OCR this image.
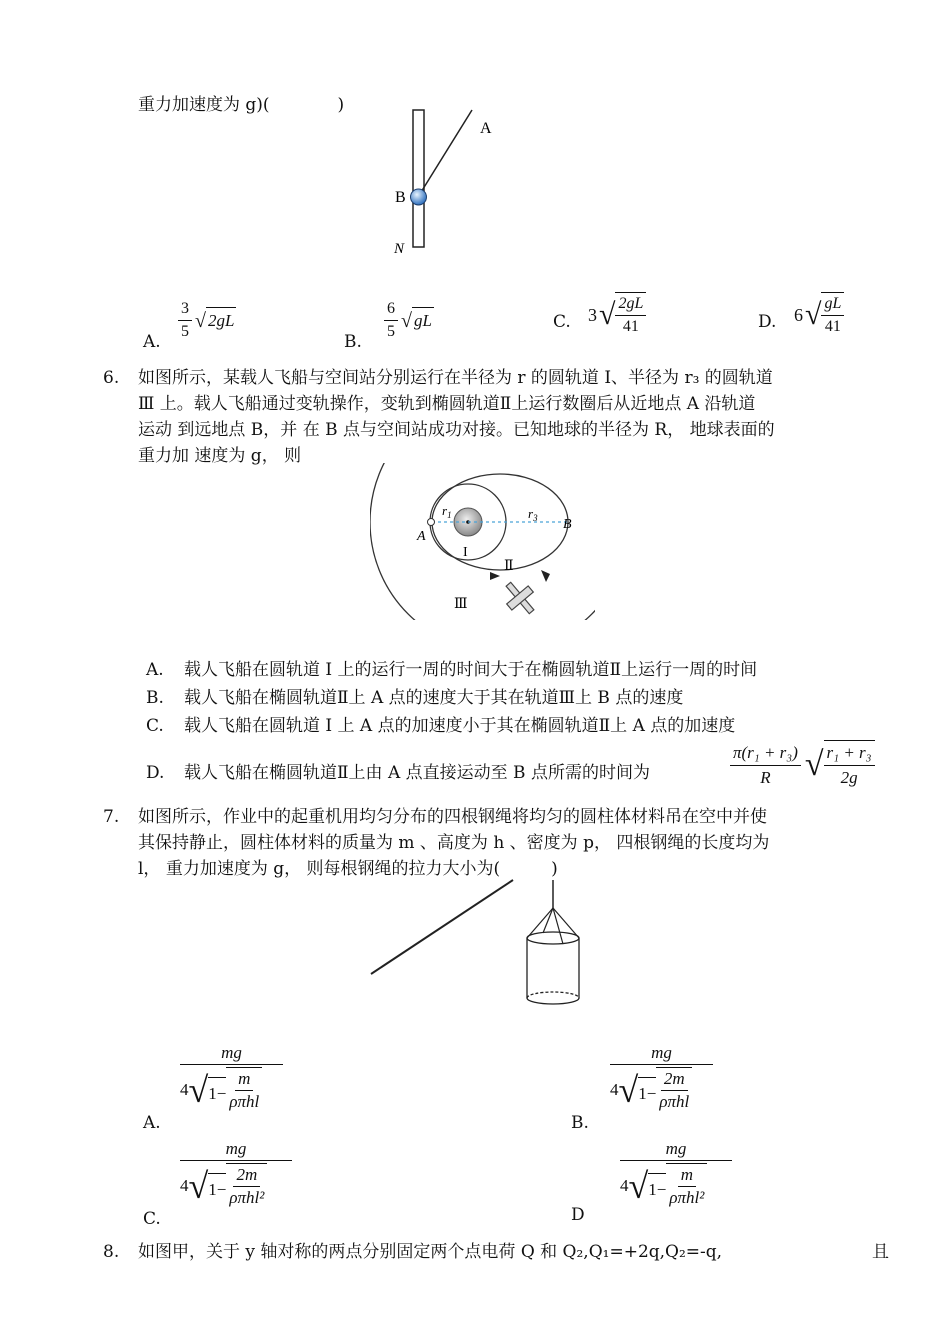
重力加速度为 g)(　　　　)
A
B
N
A. $\frac{3}{5}$ √ 2gL
B. $\frac{6}{5}$ √ gL	C. 3 √ $\frac{2gL}{41}$	D. 6 √ $\frac{gL}{41}$
6. 如图所示，某载人飞船与空间站分别运行在半径为 r 的圆轨道 I、半径为 r₃ 的圆轨道
Ⅲ 上。载人飞船通过变轨操作，变轨到椭圆轨道Ⅱ上运行数圈后从近地点 A 沿轨道
运动 到远地点 B，并 在 B 点与空间站成功对接。已知地球的半径为 R， 地球表面的
重力加 速度为 g， 则
$r_1$	$r_3$
A
B
I
Ⅱ
Ⅲ
A. 载人飞船在圆轨道 I 上的运行一周的时间大于在椭圆轨道Ⅱ上运行一周的时间
B. 载人飞船在椭圆轨道Ⅱ上 A 点的速度大于其在轨道Ⅲ上 B 点的速度
C. 载人飞船在圆轨道 I 上 A 点的加速度小于其在椭圆轨道Ⅱ上 A 点的加速度
D. 载人飞船在椭圆轨道Ⅱ上由 A 点直接运动至 B 点所需的时间为	$\frac{\text{π(r₁ + r₃)}}{R}$ √ $\frac{\text{r₁ + r₃}}{2g}$
7. 如图所示，作业中的起重机用均匀分布的四根钢绳将均匀的圆柱体材料吊在空中并使
其保持静止，圆柱体材料的质量为 m 、高度为 h 、密度为 p， 四根钢绳的长度均为
l， 重力加速度为 g， 则每根钢绳的拉力大小为(　　　)
A.
mg
4 √ $1- \frac{m}{\text{ρπhl}}$
B.
mg
4 √ $1- \frac{2m}{\text{ρπhl}}$
C.
mg
4 √ $1- \frac{2m}{\text{ρπhl²}}$
D
mg
4 √ $1- \frac{m}{\text{ρπhl²}}$
8. 如图甲，关于 y 轴对称的两点分别固定两个点电荷 Q 和 Q₂,Q₁=+2q,Q₂=-q,	且
